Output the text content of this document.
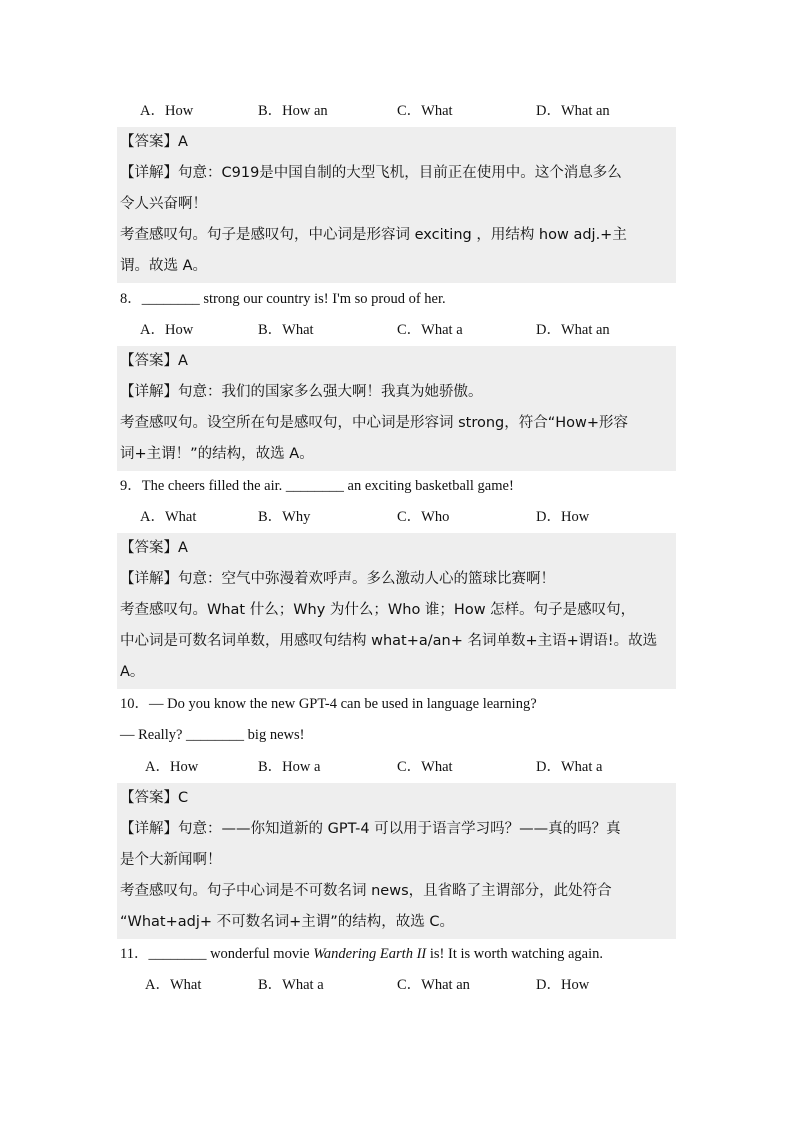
A．How	B．How an	C．What	D．What an
【答案】A
【详解】句意：C919是中国自制的大型飞机，目前正在使用中。这个消息多么
令人兴奋啊！
考查感叹句。句子是感叹句，中心词是形容词 exciting ，用结构 how adj.+主
谓。故选 A。
8．________ strong our country is! I'm so proud of her.
A．How	B．What	C．What a	D．What an
【答案】A
【详解】句意：我们的国家多么强大啊！我真为她骄傲。
考查感叹句。设空所在句是感叹句，中心词是形容词 strong，符合“How+形容
词+主谓！”的结构，故选 A。
9．The cheers filled the air. ________ an exciting basketball game!
A．What	B．Why	C．Who	D．How
【答案】A
【详解】句意：空气中弥漫着欢呼声。多么激动人心的篮球比赛啊！
考查感叹句。What 什么；Why 为什么；Who 谁；How 怎样。句子是感叹句，
中心词是可数名词单数，用感叹句结构 what+a/an+ 名词单数+主语+谓语!。故选
A。
10．— Do you know the new GPT-4 can be used in language learning?
— Really? ________ big news!
A．How	B．How a	C．What	D．What a
【答案】C
【详解】句意：——你知道新的 GPT-4 可以用于语言学习吗？——真的吗？真
是个大新闻啊！
考查感叹句。句子中心词是不可数名词 news，且省略了主谓部分，此处符合
“What+adj+ 不可数名词+主谓”的结构，故选 C。
11．________ wonderful movie Wandering Earth II is! It is worth watching again.
A．What	B．What a	C．What an	D．How
